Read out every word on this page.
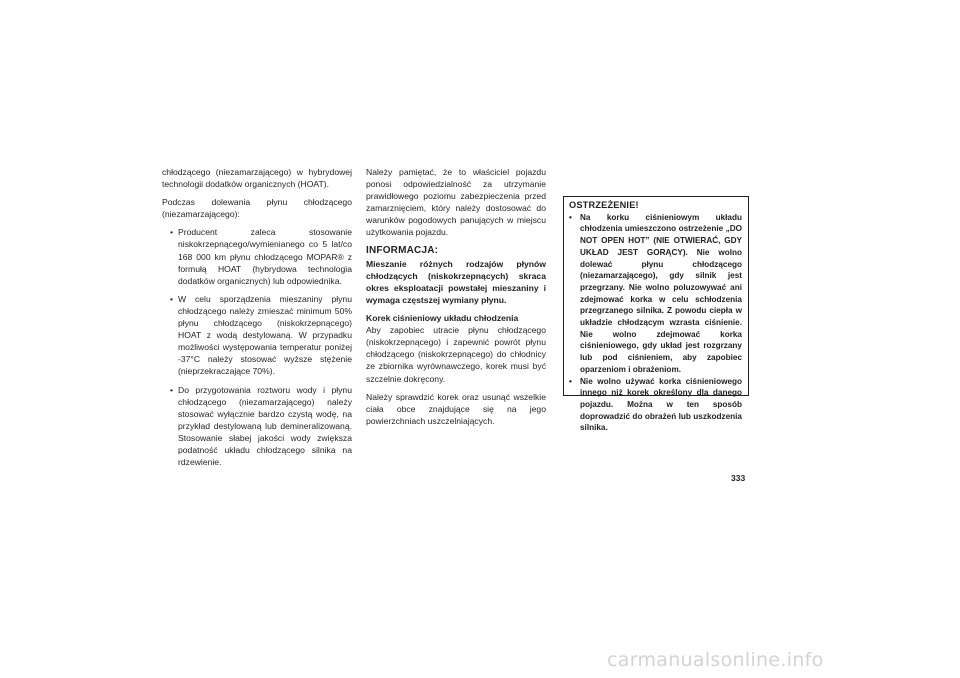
chłodzącego (niezamarzającego) w hybrydowej technologii dodatków organicznych (HOAT).

Podczas dolewania płynu chłodzącego (niezamarzającego):

• Producent zaleca stosowanie niskokrzepnącego/wymienianego co 5 lat/co 168 000 km płynu chłodzącego MOPAR® z formułą HOAT (hybrydowa technologia dodatków organicznych) lub odpowiednika.
• W celu sporządzenia mieszaniny płynu chłodzącego należy zmieszać minimum 50% płynu chłodzącego (niskokrzepnącego) HOAT z wodą destylowaną. W przypadku możliwości występowania temperatur poniżej -37°C należy stosować wyższe stężenie (nieprzekraczające 70%).
• Do przygotowania roztworu wody i płynu chłodzącego (niezamarzającego) należy stosować wyłącznie bardzo czystą wodę, na przykład destylowaną lub demineralizowaną. Stosowanie słabej jakości wody zwiększa podatność układu chłodzącego silnika na rdzewienie.

Należy pamiętać, że to właściciel pojazdu ponosi odpowiedzialność za utrzymanie prawidłowego poziomu zabezpieczenia przed zamarznięciem, który należy dostosować do warunków pogodowych panujących w miejscu użytkowania pojazdu.

INFORMACJA:

Mieszanie różnych rodzajów płynów chłodzących (niskokrzepnących) skraca okres eksploatacji powstałej mieszaniny i wymaga częstszej wymiany płynu.

Korek ciśnieniowy układu chłodzenia

Aby zapobiec utracie płynu chłodzącego (niskokrzepnącego) i zapewnić powrót płynu chłodzącego (niskokrzepnącego) do chłodnicy ze zbiornika wyrównawczego, korek musi być szczelnie dokręcony.

Należy sprawdzić korek oraz usunąć wszelkie ciała obce znajdujące się na jego powierzchniach uszczelniających.

OSTRZEŻENIE!
• Na korku ciśnieniowym układu chłodzenia umieszczono ostrzeżenie „DO NOT OPEN HOT” (NIE OTWIERAĆ, GDY UKŁAD JEST GORĄCY). Nie wolno dolewać płynu chłodzącego (niezamarzającego), gdy silnik jest przegrzany. Nie wolno poluzowywać ani zdejmować korka w celu schłodzenia przegrzanego silnika. Z powodu ciepła w układzie chłodzącym wzrasta ciśnienie. Nie wolno zdejmować korka ciśnieniowego, gdy układ jest rozgrzany lub pod ciśnieniem, aby zapobiec oparzeniom i obrażeniom.
• Nie wolno używać korka ciśnieniowego innego niż korek określony dla danego pojazdu. Można w ten sposób doprowadzić do obrażeń lub uszkodzenia silnika.
333
carmanualsonline.info
